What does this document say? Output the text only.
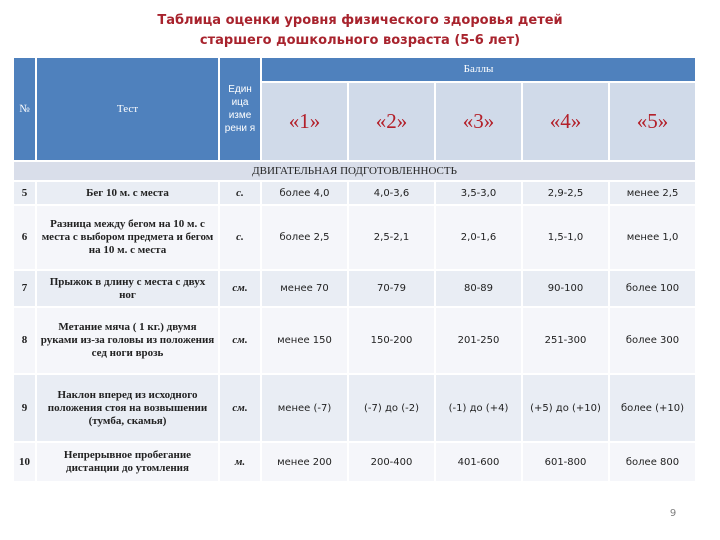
Таблица оценки уровня физического здоровья детей
старшего дошкольного возраста (5-6 лет)
№	Тест	Един ица изме рени я	Баллы				
			«1»	«2»	«3»	«4»	«5»
ДВИГАТЕЛЬНАЯ ПОДГОТОВЛЕННОСТЬ							
5	Бег 10 м. с места	с.	более 4,0	4,0-3,6	3,5-3,0	2,9-2,5	менее 2,5
6	Разница между бегом на 10 м. с места с выбором предмета и бегом на 10 м. с места	с.	более 2,5	2,5-2,1	2,0-1,6	1,5-1,0	менее 1,0
7	Прыжок в длину с места с двух ног	см.	менее 70	70-79	80-89	90-100	более 100
8	Метание мяча ( 1 кг.) двумя руками из-за головы из положения сед ноги врозь	см.	менее 150	150-200	201-250	251-300	более 300
9	Наклон вперед из исходного положения стоя на возвышении (тумба, скамья)	см.	менее (-7)	(-7) до (-2)	(-1) до (+4)	(+5) до (+10)	более (+10)
10	Непрерывное пробегание дистанции до утомления	м.	менее 200	200-400	401-600	601-800	более 800
9
